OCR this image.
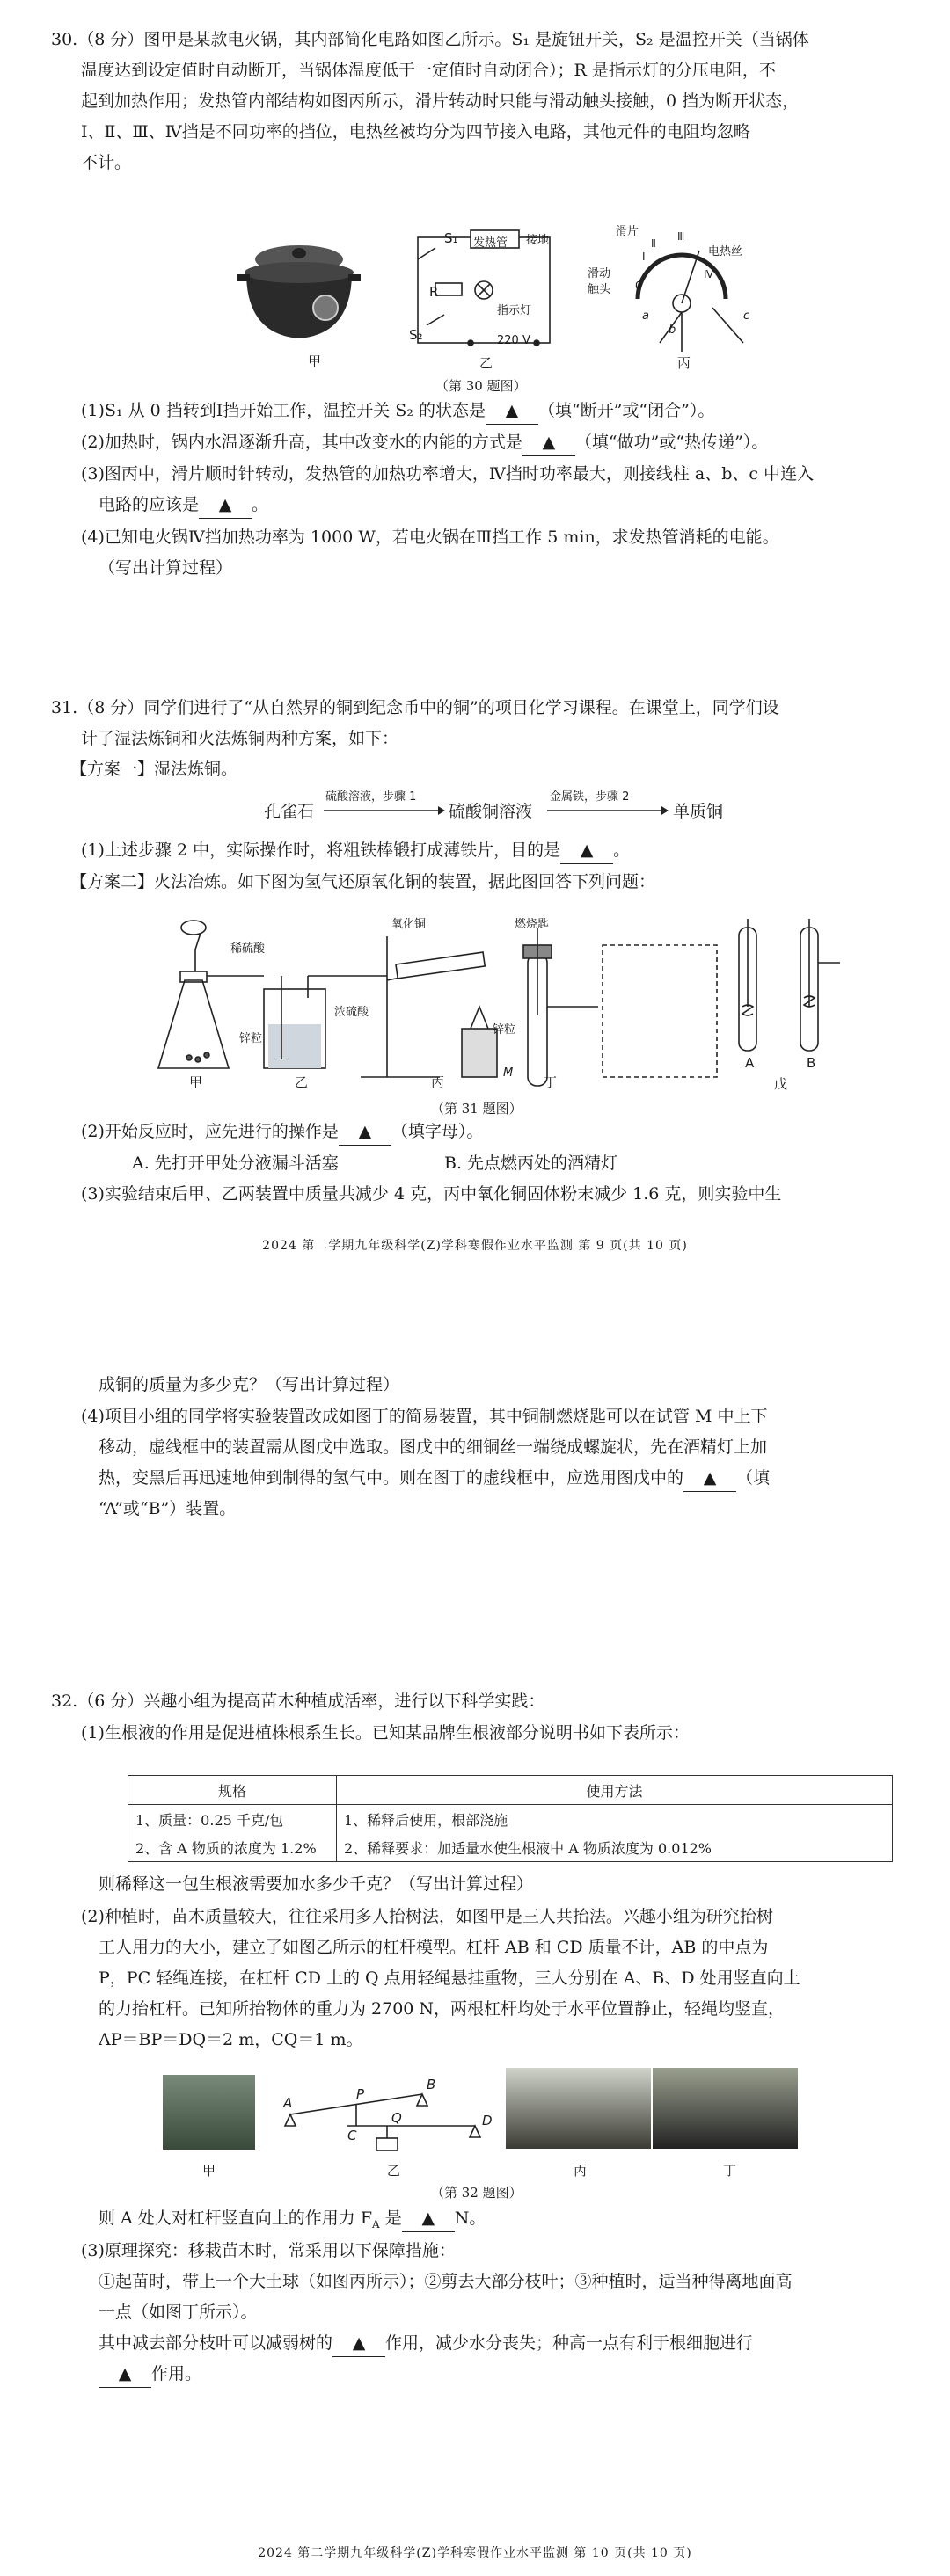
30.（8 分）图甲是某款电火锅，其内部简化电路如图乙所示。S₁ 是旋钮开关，S₂ 是温控开关（当锅体
温度达到设定值时自动断开，当锅体温度低于一定值时自动闭合）；R 是指示灯的分压电阻，不
起到加热作用；发热管内部结构如图丙所示，滑片转动时只能与滑动触头接触，0 挡为断开状态，
Ⅰ、Ⅱ、Ⅲ、Ⅳ挡是不同功率的挡位，电热丝被均分为四节接入电路，其他元件的电阻均忽略
不计。
甲
S₁ 发热管 接地
R
指示灯
S₂	220 V
乙
滑片
滑动
触头
电热丝
Ⅰ
Ⅱ
Ⅲ
Ⅳ
0
a
b
c
丙
（第 30 题图）
(1)S₁ 从 0 挡转到Ⅰ挡开始工作，温控开关 S₂ 的状态是 ▲ （填“断开”或“闭合”）。
(2)加热时，锅内水温逐渐升高，其中改变水的内能的方式是 ▲ （填“做功”或“热传递”）。
(3)图丙中，滑片顺时针转动，发热管的加热功率增大，Ⅳ挡时功率最大，则接线柱 a、b、c 中连入
电路的应该是 ▲ 。
(4)已知电火锅Ⅳ挡加热功率为 1000 W，若电火锅在Ⅲ挡工作 5 min，求发热管消耗的电能。
（写出计算过程）
31.（8 分）同学们进行了“从自然界的铜到纪念币中的铜”的项目化学习课程。在课堂上，同学们设
计了湿法炼铜和火法炼铜两种方案，如下：
【方案一】湿法炼铜。
孔雀石
硫酸溶液，步骤 1
硫酸铜溶液
金属铁，步骤 2
单质铜
(1)上述步骤 2 中，实际操作时，将粗铁棒锻打成薄铁片，目的是 ▲ 。
【方案二】火法冶炼。如下图为氢气还原氧化铜的装置，据此图回答下列问题：
稀硫酸
锌粒
浓硫酸
氧化铜	燃烧匙
锌粒
M
甲	乙	丙	丁
A	B
戊
（第 31 题图）
(2)开始反应时，应先进行的操作是 ▲ （填字母）。
A. 先打开甲处分液漏斗活塞	B. 先点燃丙处的酒精灯
(3)实验结束后甲、乙两装置中质量共减少 4 克，丙中氧化铜固体粉末减少 1.6 克，则实验中生
2024 第二学期九年级科学(Z)学科寒假作业水平监测 第 9 页(共 10 页)
成铜的质量为多少克？（写出计算过程）
(4)项目小组的同学将实验装置改成如图丁的简易装置，其中铜制燃烧匙可以在试管 M 中上下
移动，虚线框中的装置需从图戊中选取。图戊中的细铜丝一端绕成螺旋状，先在酒精灯上加
热，变黑后再迅速地伸到制得的氢气中。则在图丁的虚线框中，应选用图戊中的 ▲ （填
“A”或“B”）装置。
32.（6 分）兴趣小组为提高苗木种植成活率，进行以下科学实践：
(1)生根液的作用是促进植株根系生长。已知某品牌生根液部分说明书如下表所示：
规格	使用方法
1、质量：0.25 千克/包	1、稀释后使用，根部浇施
2、含 A 物质的浓度为 1.2%	2、稀释要求：加适量水使生根液中 A 物质浓度为 0.012%
则稀释这一包生根液需要加水多少千克？（写出计算过程）
(2)种植时，苗木质量较大，往往采用多人抬树法，如图甲是三人共抬法。兴趣小组为研究抬树
工人用力的大小，建立了如图乙所示的杠杆模型。杠杆 AB 和 CD 质量不计，AB 的中点为
P，PC 轻绳连接，在杠杆 CD 上的 Q 点用轻绳悬挂重物，三人分别在 A、B、D 处用竖直向上
的力抬杠杆。已知所抬物体的重力为 2700 N，两根杠杆均处于水平位置静止，轻绳均竖直，
AP＝BP＝DQ＝2 m，CQ＝1 m。
A
P
B
C
Q	D
甲	乙	丙	丁
（第 32 题图）
则 A 处人对杠杆竖直向上的作用力 $F_A$ 是 ▲ N。
(3)原理探究：移栽苗木时，常采用以下保障措施：
①起苗时，带上一个大土球（如图丙所示）；②剪去大部分枝叶；③种植时，适当种得离地面高
一点（如图丁所示）。
其中减去部分枝叶可以减弱树的 ▲ 作用，减少水分丧失；种高一点有利于根细胞进行
▲ 作用。
2024 第二学期九年级科学(Z)学科寒假作业水平监测 第 10 页(共 10 页)
